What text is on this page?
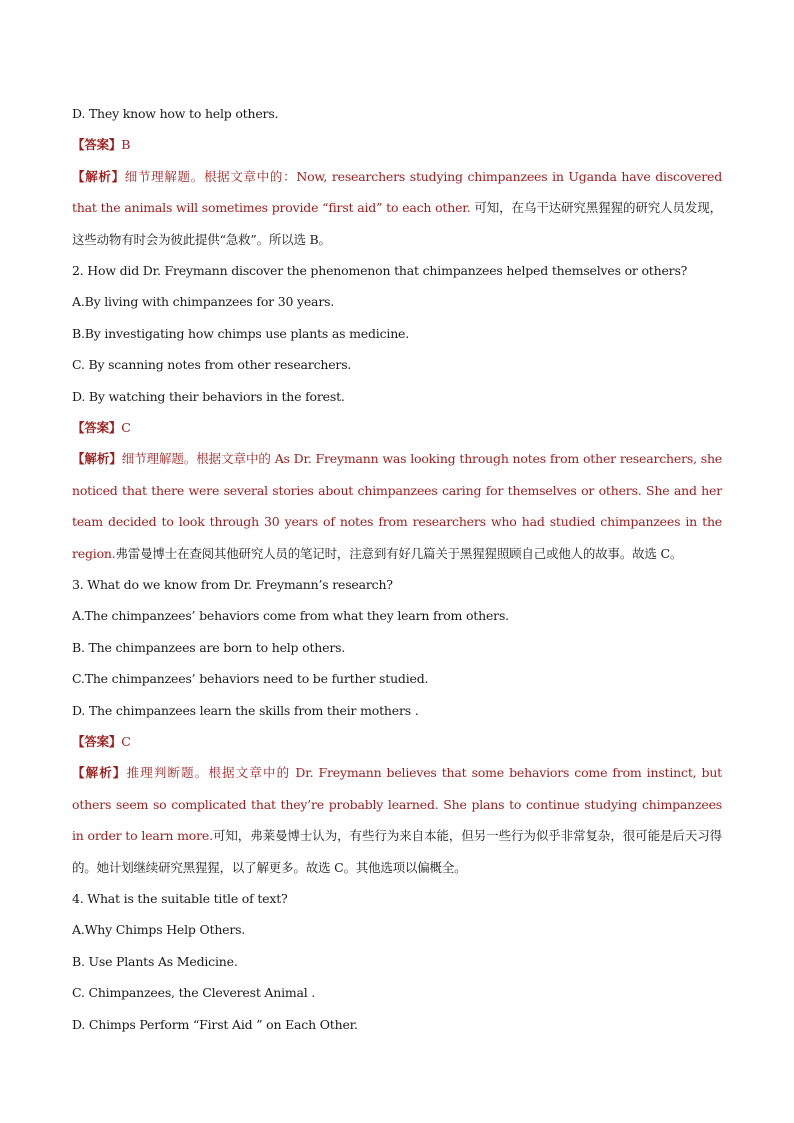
D. They know how to help others.
【答案】B
【解析】细节理解题。根据文章中的：Now, researchers studying chimpanzees in Uganda have discovered that the animals will sometimes provide “first aid” to each other. 可知，在乌干达研究黑猩猩的研究人员发现，这些动物有时会为彼此提供“急救”。所以选 B。
2. How did Dr. Freymann discover the phenomenon that chimpanzees helped themselves or others?
A.By living with chimpanzees for 30 years.
B.By investigating how chimps use plants as medicine.
C. By scanning notes from other researchers.
D. By watching their behaviors in the forest.
【答案】C
【解析】细节理解题。根据文章中的 As Dr. Freymann was looking through notes from other researchers, she noticed that there were several stories about chimpanzees caring for themselves or others. She and her team decided to look through 30 years of notes from researchers who had studied chimpanzees in the region.弗雷曼博士在查阅其他研究人员的笔记时，注意到有好几篇关于黑猩猩照顾自己或他人的故事。故选 C。
3. What do we know from Dr. Freymann’s research?
A.The chimpanzees’ behaviors come from what they learn from others.
B. The chimpanzees are born to help others.
C.The chimpanzees’ behaviors need to be further studied.
D. The chimpanzees learn the skills from their mothers .
【答案】C
【解析】推理判断题。根据文章中的 Dr. Freymann believes that some behaviors come from instinct, but others seem so complicated that they’re probably learned. She plans to continue studying chimpanzees in order to learn more.可知，弗莱曼博士认为，有些行为来自本能，但另一些行为似乎非常复杂，很可能是后天习得的。她计划继续研究黑猩猩，以了解更多。故选 C。其他选项以偏概全。
4. What is the suitable title of text?
A.Why Chimps Help Others.
B. Use Plants As Medicine.
C. Chimpanzees, the Cleverest Animal .
D. Chimps Perform “First Aid ” on Each Other.
